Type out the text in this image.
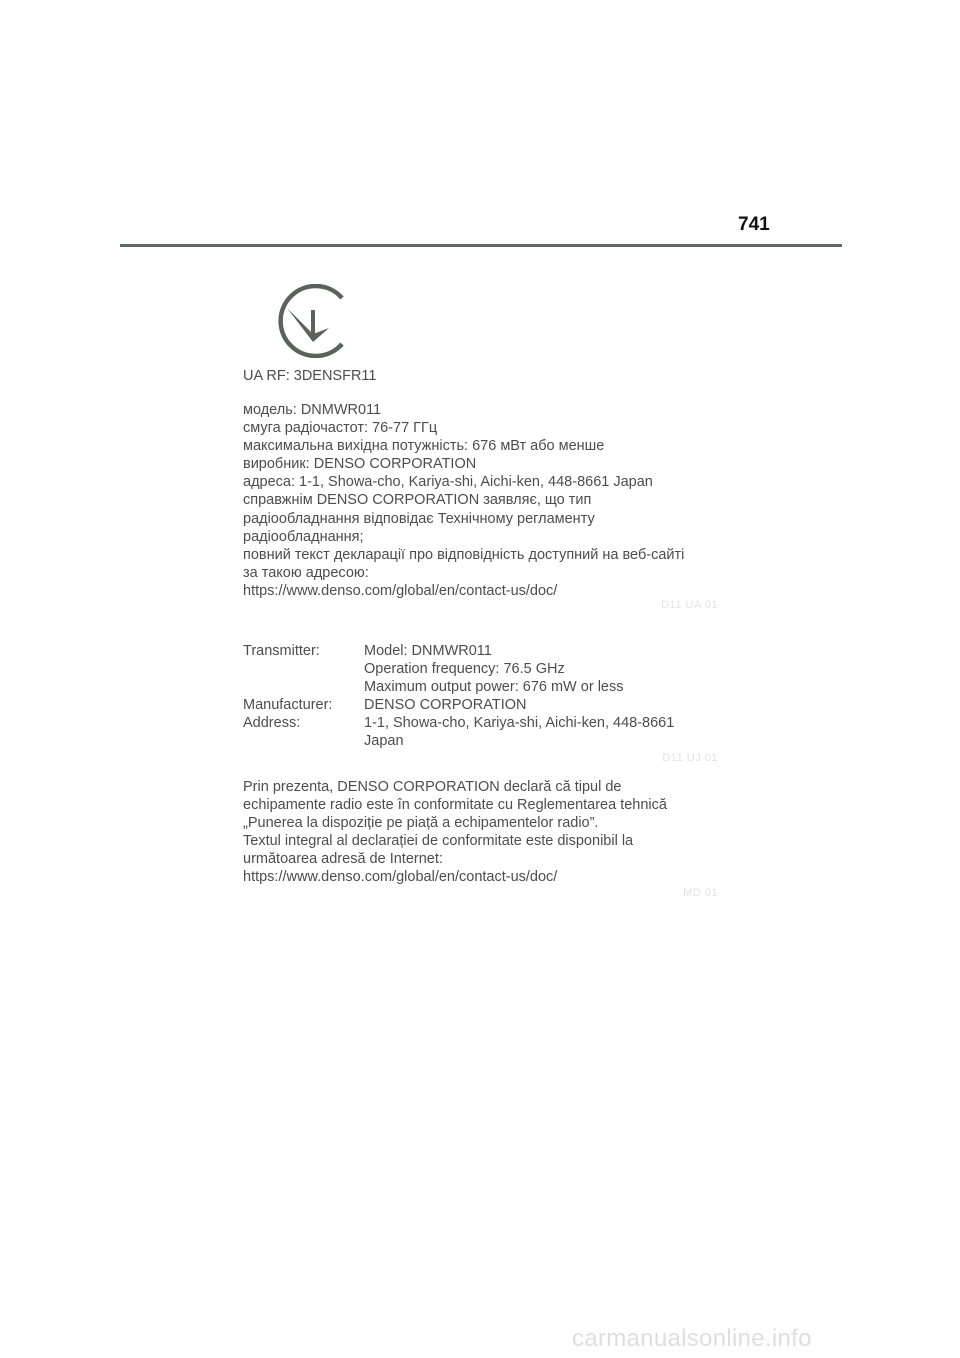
741

UA RF: 3DENSFR11

модель: DNMWR011

смуга радіочастот: 76-77 ГГц

максимальна вихідна потужність: 676 мВт або менше

виробник: DENSO CORPORATION

адреса: 1-1, Showa-cho, Kariya-shi, Aichi-ken, 448-8661 Japan

справжнім DENSO CORPORATION заявляє, що тип

радіообладнання відповідає Технічному регламенту

радіообладнання;

повний текст декларації про відповідність доступний на веб-сайті

за такою адресою:

https://www.denso.com/global/en/contact-us/doc/

D11 UA 01
Transmitter:	Model: DNMWR011
Operation frequency: 76.5 GHz
Maximum output power: 676 mW or less
Manufacturer:	DENSO CORPORATION
Address:	1-1, Showa-cho, Kariya-shi, Aichi-ken, 448-8661
Japan
D11 UJ 01

Prin prezenta, DENSO CORPORATION declară că tipul de

echipamente radio este în conformitate cu Reglementarea tehnică

„Punerea la dispoziție pe piață a echipamentelor radio”.

Textul integral al declarației de conformitate este disponibil la

următoarea adresă de Internet:

https://www.denso.com/global/en/contact-us/doc/

MD 01
carmanualsonline.info
